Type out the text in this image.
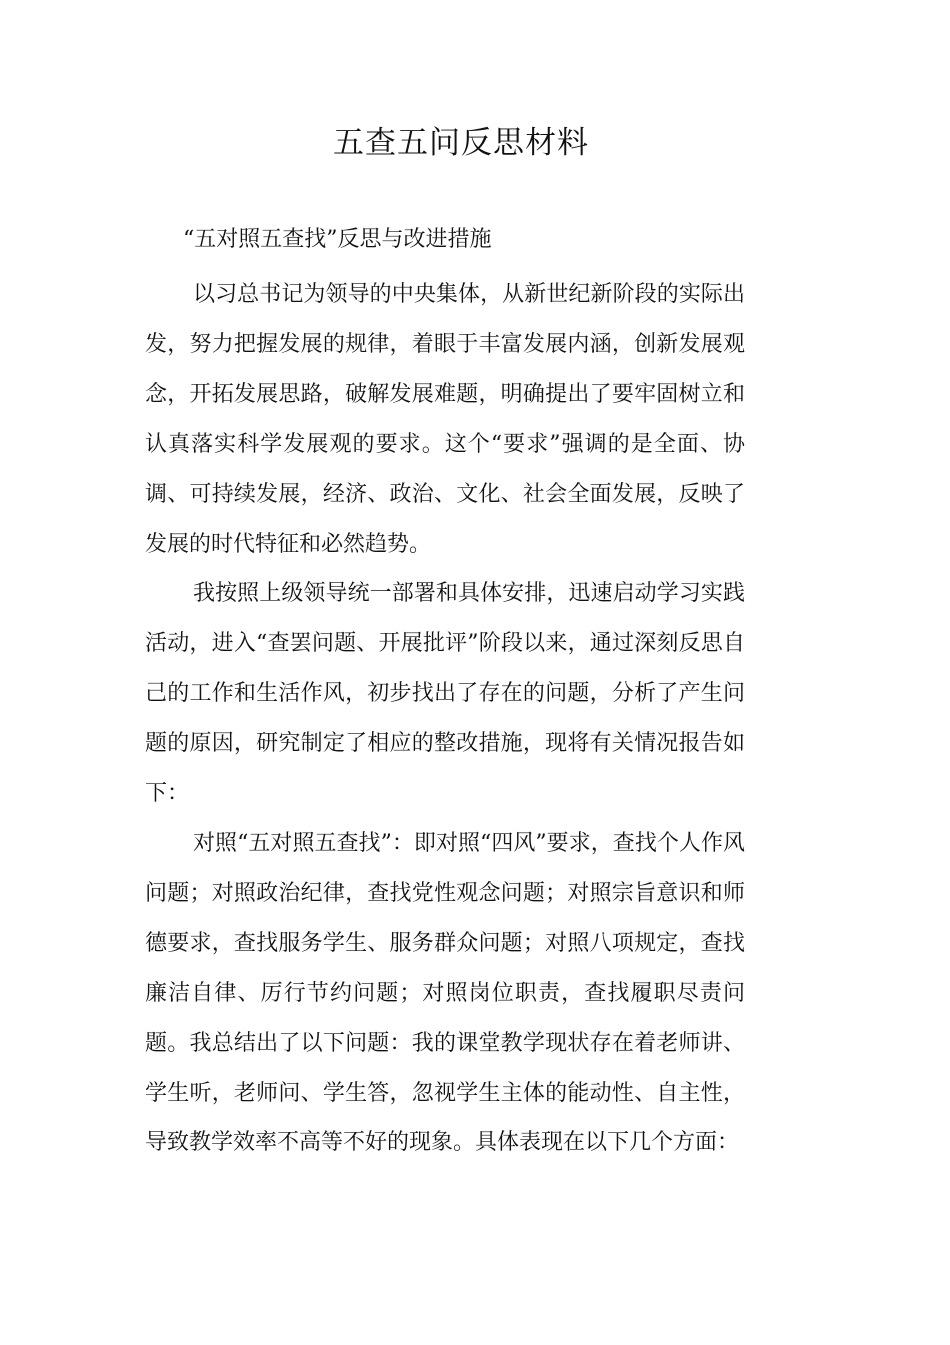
五查五问反思材料

“五对照五查找”反思与改进措施

以习总书记为领导的中央集体，从新世纪新阶段的实际出发，努力把握发展的规律，着眼于丰富发展内涵，创新发展观念，开拓发展思路，破解发展难题，明确提出了要牢固树立和认真落实科学发展观的要求。这个“要求”强调的是全面、协调、可持续发展，经济、政治、文化、社会全面发展，反映了发展的时代特征和必然趋势。

我按照上级领导统一部署和具体安排，迅速启动学习实践活动，进入“查罢问题、开展批评”阶段以来，通过深刻反思自己的工作和生活作风，初步找出了存在的问题，分析了产生问题的原因，研究制定了相应的整改措施，现将有关情况报告如下：

对照“五对照五查找”：即对照“四风”要求，查找个人作风问题；对照政治纪律，查找党性观念问题；对照宗旨意识和师德要求，查找服务学生、服务群众问题；对照八项规定，查找廉洁自律、厉行节约问题；对照岗位职责，查找履职尽责问题。我总结出了以下问题：我的课堂教学现状存在着老师讲、学生听，老师问、学生答，忽视学生主体的能动性、自主性，导致教学效率不高等不好的现象。具体表现在以下几个方面：
